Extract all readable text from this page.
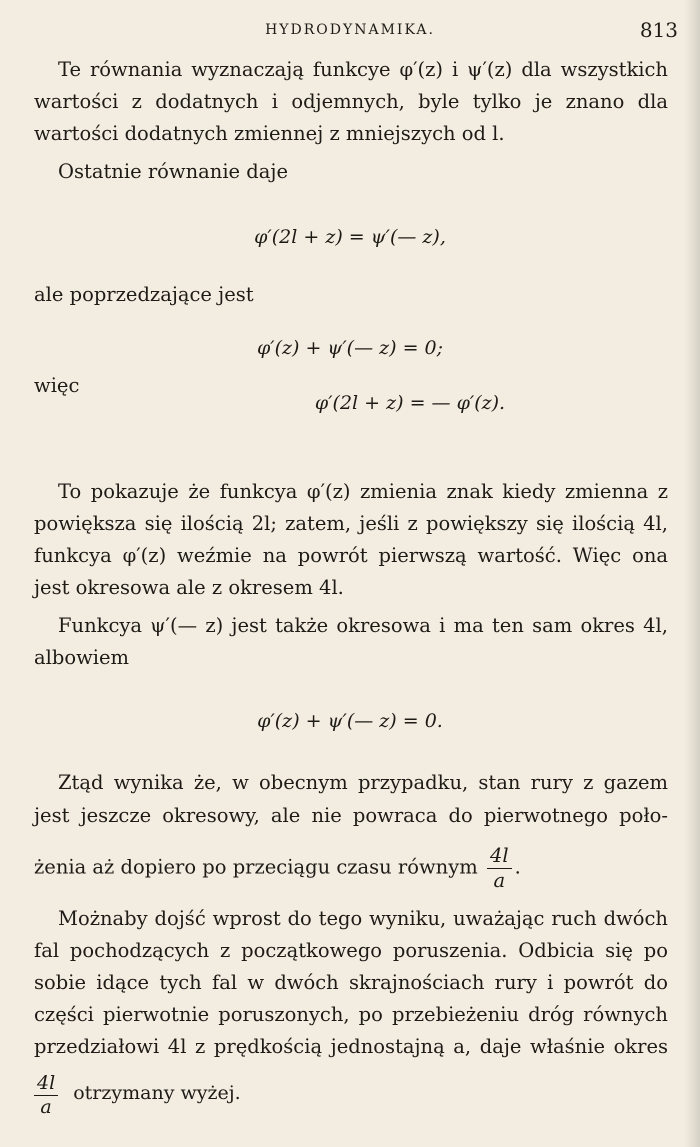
HYDRODYNAMIKA.	813
Te równania wyznaczają funkcye φ′(z) i ψ′(z) dla wszystkich
wartości z dodatnych i odjemnych, byle tylko je znano dla
wartości dodatnych zmiennej z mniejszych od l.
Ostatnie równanie daje
φ′(2l + z) = ψ′(— z),
ale poprzedzające jest
φ′(z) + ψ′(— z) = 0;
więc
φ′(2l + z) = — φ′(z).
To pokazuje że funkcya φ′(z) zmienia znak kiedy zmienna z
powiększa się ilością 2l; zatem, jeśli z powiększy się ilością 4l,
funkcya φ′(z) weźmie na powrót pierwszą wartość. Więc ona
jest okresowa ale z okresem 4l.
Funkcya ψ′(— z) jest także okresowa i ma ten sam okres 4l,
albowiem
φ′(z) + ψ′(— z) = 0.
Ztąd wynika że, w obecnym przypadku, stan rury z gazem
jest jeszcze okresowy, ale nie powraca do pierwotnego poło-
żenia aż dopiero po przeciągu czasu równym $\frac{4l}{a}$ .
Możnaby dojść wprost do tego wyniku, uważając ruch dwóch
fal pochodzących z początkowego poruszenia. Odbicia się po
sobie idące tych fal w dwóch skrajnościach rury i powrót do
części pierwotnie poruszonych, po przebieżeniu dróg równych
przedziałowi 4l z prędkością jednostajną a, daje właśnie okres
$\frac{4l}{a}$ otrzymany wyżej.
